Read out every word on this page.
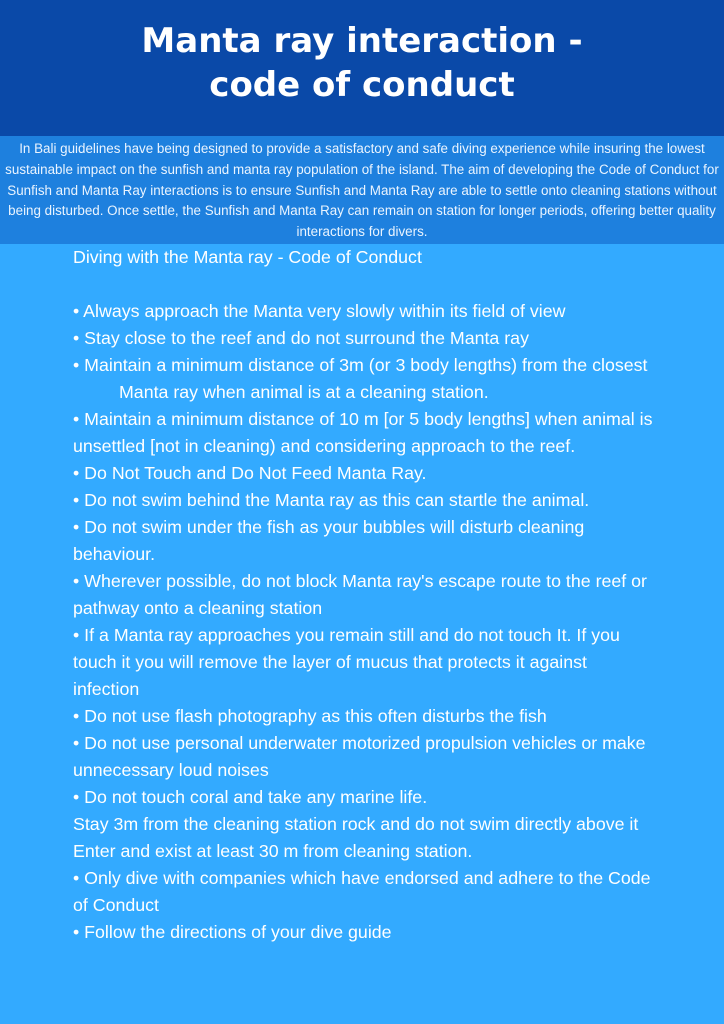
Manta ray interaction -
code of conduct
In Bali guidelines have being designed to provide a satisfactory and safe diving experience while insuring the lowest sustainable impact on the sunfish and manta ray population of the island. The aim of developing the Code of Conduct for Sunfish and Manta Ray interactions is to ensure Sunfish and Manta Ray are able to settle onto cleaning stations without being disturbed. Once settle, the Sunfish and Manta Ray can remain on station for longer periods, offering better quality interactions for divers.

Diving with the Manta ray - Code of Conduct

• Always approach the Manta very slowly within its field of view

• Stay close to the reef and do not surround the Manta ray

• Maintain a minimum distance of 3m (or 3 body lengths) from the closest

Manta ray when animal is at a cleaning station.

• Maintain a minimum distance of 10 m [or 5 body lengths] when animal is unsettled [not in cleaning) and considering approach to the reef.

• Do Not Touch and Do Not Feed Manta Ray.

• Do not swim behind the Manta ray as this can startle the animal.

• Do not swim under the fish as your bubbles will disturb cleaning behaviour.

• Wherever possible, do not block Manta ray's escape route to the reef or pathway onto a cleaning station

• If a Manta ray approaches you remain still and do not touch It. If you touch it you will remove the layer of mucus that protects it against infection

• Do not use flash photography as this often disturbs the fish

• Do not use personal underwater motorized propulsion vehicles or make unnecessary loud noises

• Do not touch coral and take any marine life.

Stay 3m from the cleaning station rock and do not swim directly above it Enter and exist at least 30 m from cleaning station.

• Only dive with companies which have endorsed and adhere to the Code of Conduct

• Follow the directions of your dive guide
